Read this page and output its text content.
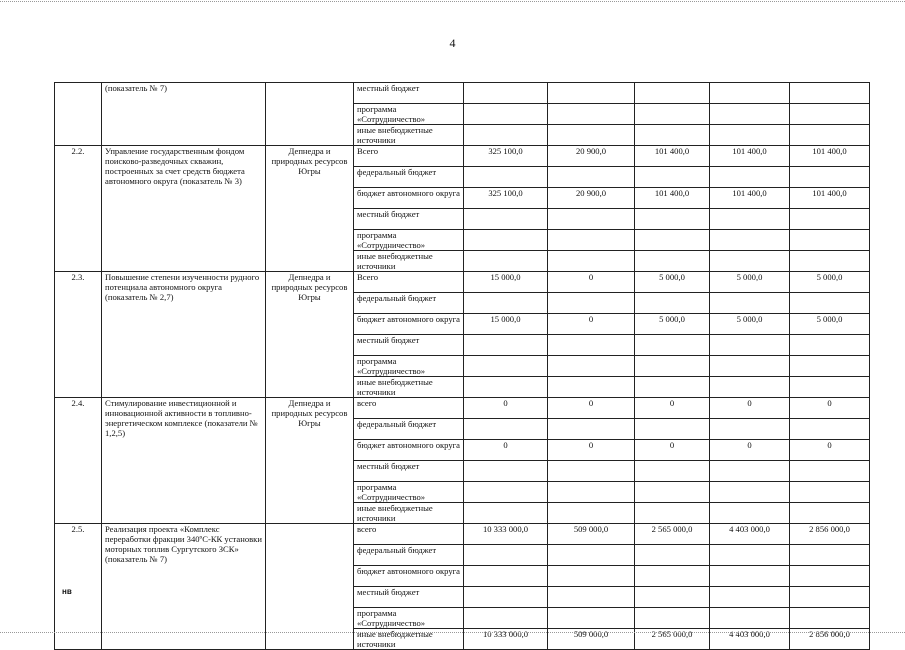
4
	(показатель № 7)		местный бюджет					
			программа «Сотрудничество»					
			иные внебюджетные источники					
2.2.	Управление государственным фондом поисково-разведочных скважин, построенных за счет средств бюджета автономного округа (показатель № 3)	Депнедра и природных ресурсов Югры	Всего	325 100,0	20 900,0	101 400,0	101 400,0	101 400,0
			федеральный бюджет					
			бюджет автономного округа	325 100,0	20 900,0	101 400,0	101 400,0	101 400,0
			местный бюджет					
			программа «Сотрудничество»					
			иные внебюджетные источники					
2.3.	Повышение степени изученности рудного потенциала автономного округа (показатель № 2,7)	Депнедра и природных ресурсов Югры	Всего	15 000,0	0	5 000,0	5 000,0	5 000,0
			федеральный бюджет					
			бюджет автономного округа	15 000,0	0	5 000,0	5 000,0	5 000,0
			местный бюджет					
			программа «Сотрудничество»					
			иные внебюджетные источники					
2.4.	Стимулирование инвестиционной и инновационной активности в топливно-энергетическом комплексе (показатели № 1,2,5)	Депнедра и природных ресурсов Югры	всего	0	0	0	0	0
			федеральный бюджет					
			бюджет автономного округа	0	0	0	0	0
			местный бюджет					
			программа «Сотрудничество»					
			иные внебюджетные источники					
2.5.	Реализация проекта «Комплекс переработки фракции 340ºС-КК установки моторных топлив Сургутского ЗСК» (показатель № 7)		всего	10 333 000,0	509 000,0	2 565 000,0	4 403 000,0	2 856 000,0
			федеральный бюджет					
			бюджет автономного округа					
			местный бюджет					
			программа «Сотрудничество»					
			иные внебюджетные источники	10 333 000,0	509 000,0	2 565 000,0	4 403 000,0	2 856 000,0
нв
